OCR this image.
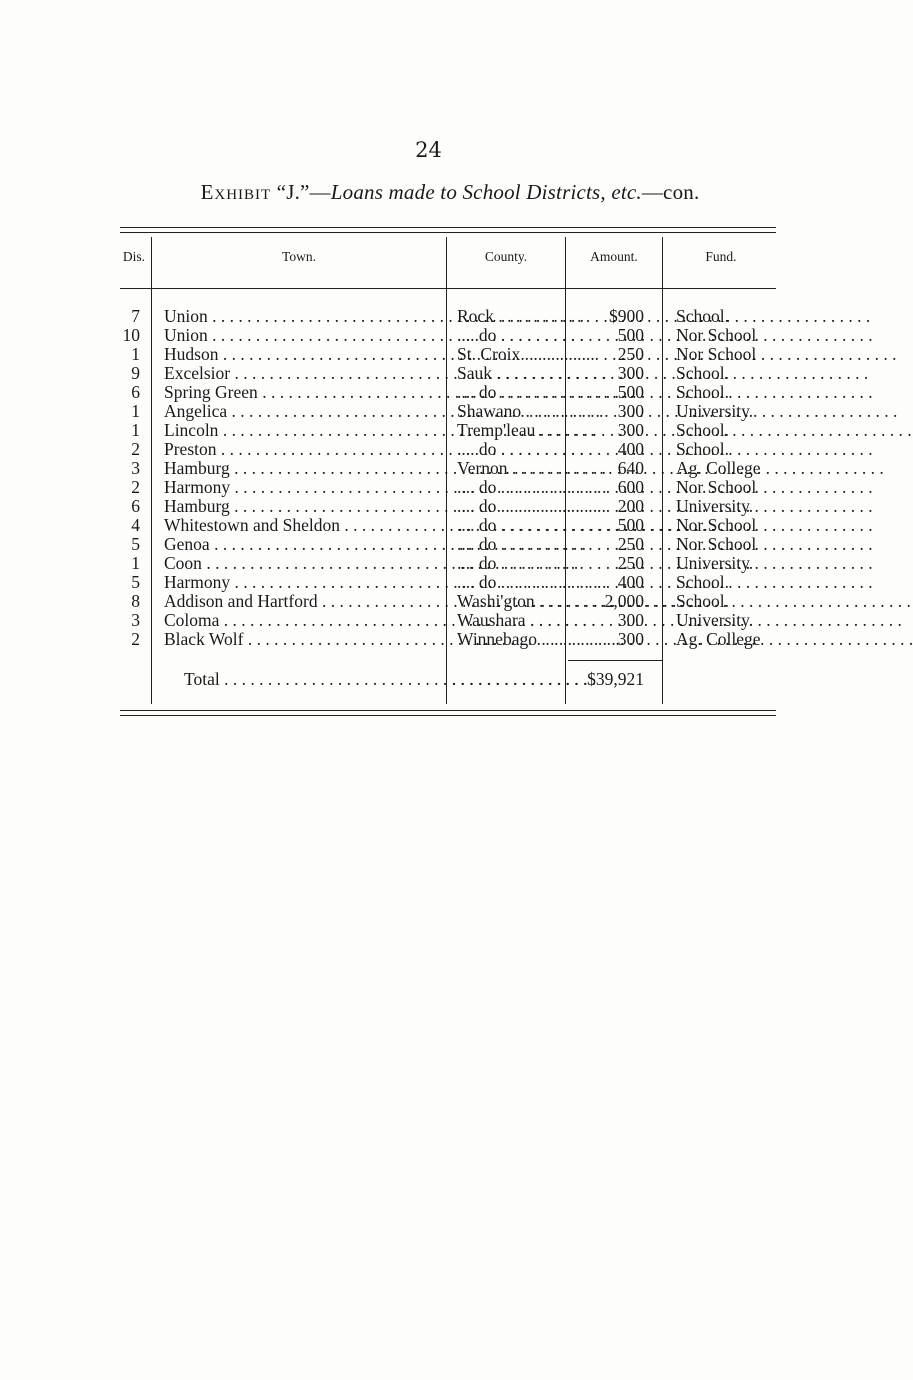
24
Exhibit “J.”—Loans made to School Districts, etc.—con.
Dis.	Town.	County.	Amount.	Fund.
7 Union . . .	Rock . . .	$900 School.
10 Union . . .	.... do . . .	500 Nor School
1 Hudson . . .	St. Croix . . .	250 Nor School
9 Excelsior . . .	Sauk . . .	300 School.
6 Spring Green . . .	.... do . . .	500 School.
1 Angelica . . .	Shawano . . .	300 University.
1 Lincoln . . .	Tremp'leau . . .	300 School.
2 Preston . . .	.... do . . .	400 School.
3 Hamburg . . .	Vernon . . .	640 Ag. College
2 Harmony . . .	.... do . . .	600 Nor School
6 Hamburg . . .	.... do . . .	200 University.
4 Whitestown and Sheldon . . .	.... do . . .	500 Nor School
5 Genoa . . .	.... do . . .	250 Nor School
1 Coon . . .	.... do . . .	250 University.
5 Harmony . . .	.... do . . .	400 School.
8 Addison and Hartford . . .	Washi'gton . . .	2,000 School.
3 Coloma . . .	Waushara . . .	300 University.
2 Black Wolf . . .	Winnebago . . .	300 Ag. College
Total . . .	. . . . . . . . . . . . . . . . $39,921
